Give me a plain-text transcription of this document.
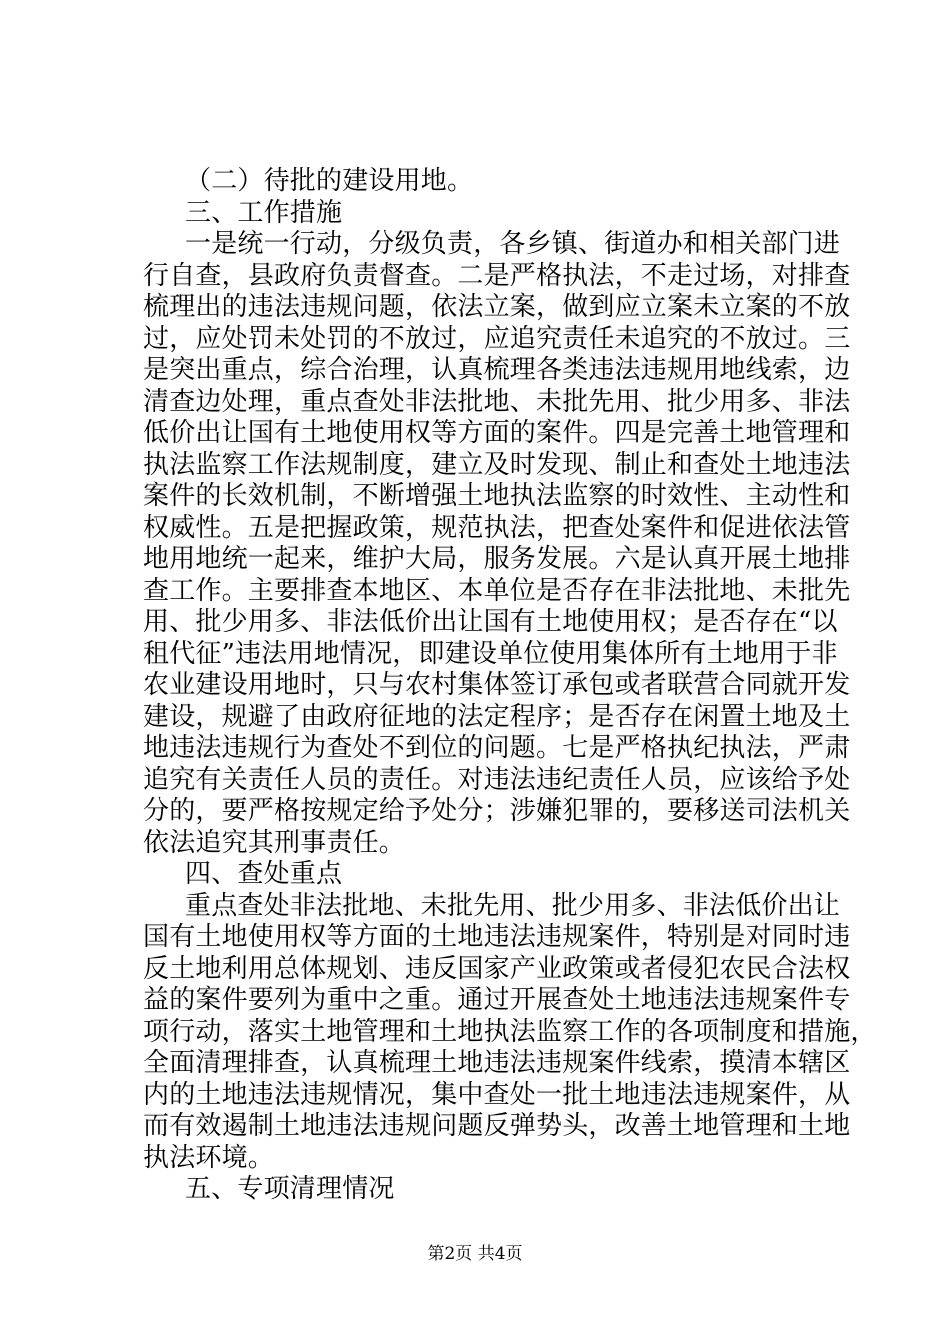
（二）待批的建设用地。
三、工作措施
一是统一行动，分级负责，各乡镇、街道办和相关部门进
行自查，县政府负责督查。二是严格执法，不走过场，对排查
梳理出的违法违规问题，依法立案，做到应立案未立案的不放
过，应处罚未处罚的不放过，应追究责任未追究的不放过。三
是突出重点，综合治理，认真梳理各类违法违规用地线索，边
清查边处理，重点查处非法批地、未批先用、批少用多、非法
低价出让国有土地使用权等方面的案件。四是完善土地管理和
执法监察工作法规制度，建立及时发现、制止和查处土地违法
案件的长效机制，不断增强土地执法监察的时效性、主动性和
权威性。五是把握政策，规范执法，把查处案件和促进依法管
地用地统一起来，维护大局，服务发展。六是认真开展土地排
查工作。主要排查本地区、本单位是否存在非法批地、未批先
用、批少用多、非法低价出让国有土地使用权；是否存在“以
租代征”违法用地情况，即建设单位使用集体所有土地用于非
农业建设用地时，只与农村集体签订承包或者联营合同就开发
建设，规避了由政府征地的法定程序；是否存在闲置土地及土
地违法违规行为查处不到位的问题。七是严格执纪执法，严肃
追究有关责任人员的责任。对违法违纪责任人员，应该给予处
分的，要严格按规定给予处分；涉嫌犯罪的，要移送司法机关
依法追究其刑事责任。
四、查处重点
重点查处非法批地、未批先用、批少用多、非法低价出让
国有土地使用权等方面的土地违法违规案件，特别是对同时违
反土地利用总体规划、违反国家产业政策或者侵犯农民合法权
益的案件要列为重中之重。通过开展查处土地违法违规案件专
项行动，落实土地管理和土地执法监察工作的各项制度和措施，
全面清理排查，认真梳理土地违法违规案件线索，摸清本辖区
内的土地违法违规情况，集中查处一批土地违法违规案件，从
而有效遏制土地违法违规问题反弹势头，改善土地管理和土地
执法环境。
五、专项清理情况
第2页 共4页
